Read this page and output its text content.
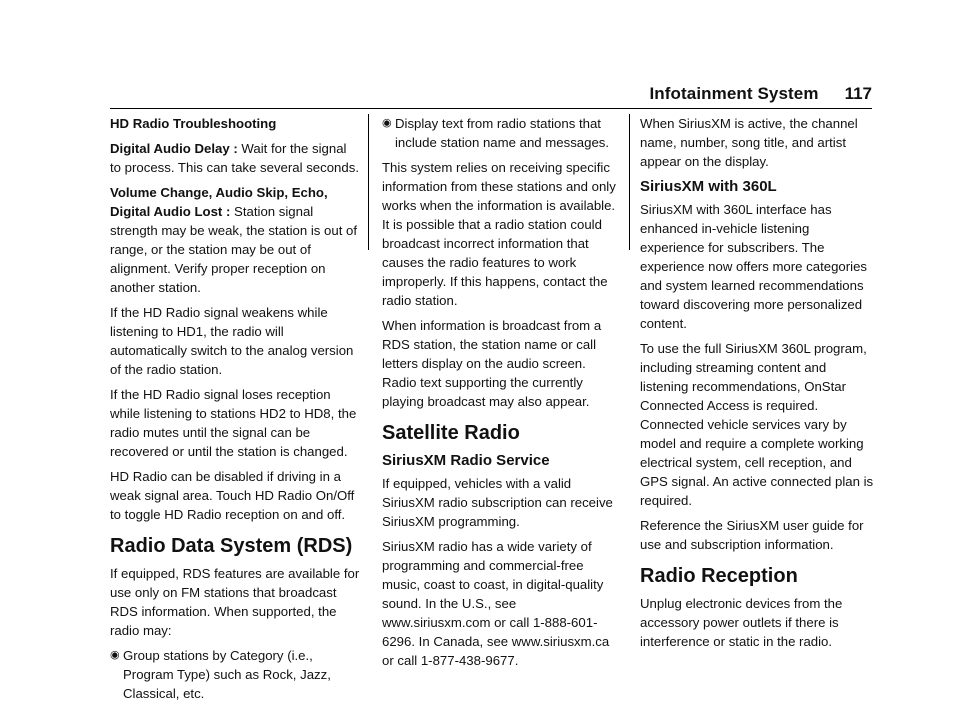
Infotainment System 117

HD Radio Troubleshooting

Digital Audio Delay : Wait for the signal to process. This can take several seconds.

Volume Change, Audio Skip, Echo, Digital Audio Lost : Station signal strength may be weak, the station is out of range, or the station may be out of alignment. Verify proper reception on another station.

If the HD Radio signal weakens while listening to HD1, the radio will automatically switch to the analog version of the radio station.

If the HD Radio signal loses reception while listening to stations HD2 to HD8, the radio mutes until the signal can be recovered or until the station is changed.

HD Radio can be disabled if driving in a weak signal area. Touch HD Radio On/Off to toggle HD Radio reception on and off.

Radio Data System (RDS)

If equipped, RDS features are available for use only on FM stations that broadcast RDS information. When supported, the radio may:

◉ Group stations by Category (i.e., Program Type) such as Rock, Jazz, Classical, etc.
◉ Display text from radio stations that include station name and messages.

This system relies on receiving specific information from these stations and only works when the information is available. It is possible that a radio station could broadcast incorrect information that causes the radio features to work improperly. If this happens, contact the radio station.

When information is broadcast from a RDS station, the station name or call letters display on the audio screen. Radio text supporting the currently playing broadcast may also appear.

Satellite Radio
SiriusXM Radio Service

If equipped, vehicles with a valid SiriusXM radio subscription can receive SiriusXM programming.

SiriusXM radio has a wide variety of programming and commercial-free music, coast to coast, in digital-quality sound. In the U.S., see www.siriusxm.com or call 1-888-601-6296. In Canada, see www.siriusxm.ca or call 1-877-438-9677.

When SiriusXM is active, the channel name, number, song title, and artist appear on the display.

SiriusXM with 360L

SiriusXM with 360L interface has enhanced in-vehicle listening experience for subscribers. The experience now offers more categories and system learned recommendations toward discovering more personalized content.

To use the full SiriusXM 360L program, including streaming content and listening recommendations, OnStar Connected Access is required. Connected vehicle services vary by model and require a complete working electrical system, cell reception, and GPS signal. An active connected plan is required.

Reference the SiriusXM user guide for use and subscription information.

Radio Reception

Unplug electronic devices from the accessory power outlets if there is interference or static in the radio.
